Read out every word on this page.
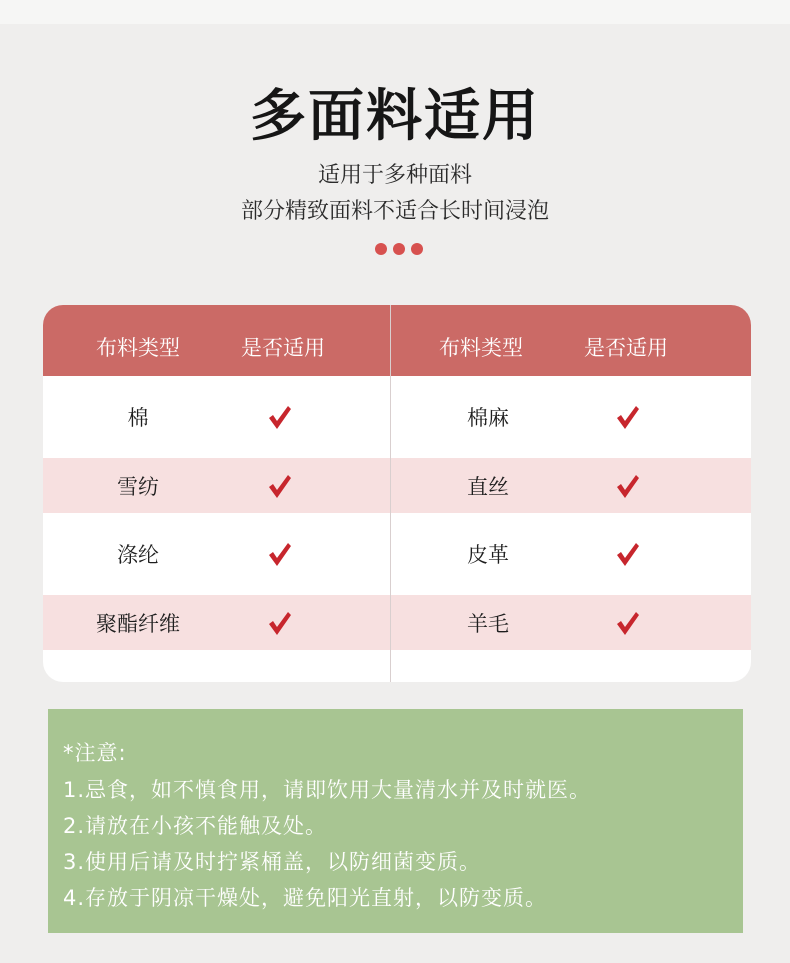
多面料适用
适用于多种面料
部分精致面料不适合长时间浸泡
布料类型	是否适用	布料类型	是否适用
棉	棉麻
雪纺	直丝
涤纶	皮革
聚酯纤维	羊毛
*注意:
1.忌食，如不慎食用，请即饮用大量清水并及时就医。
2.请放在小孩不能触及处。
3.使用后请及时拧紧桶盖，以防细菌变质。
4.存放于阴凉干燥处，避免阳光直射，以防变质。
